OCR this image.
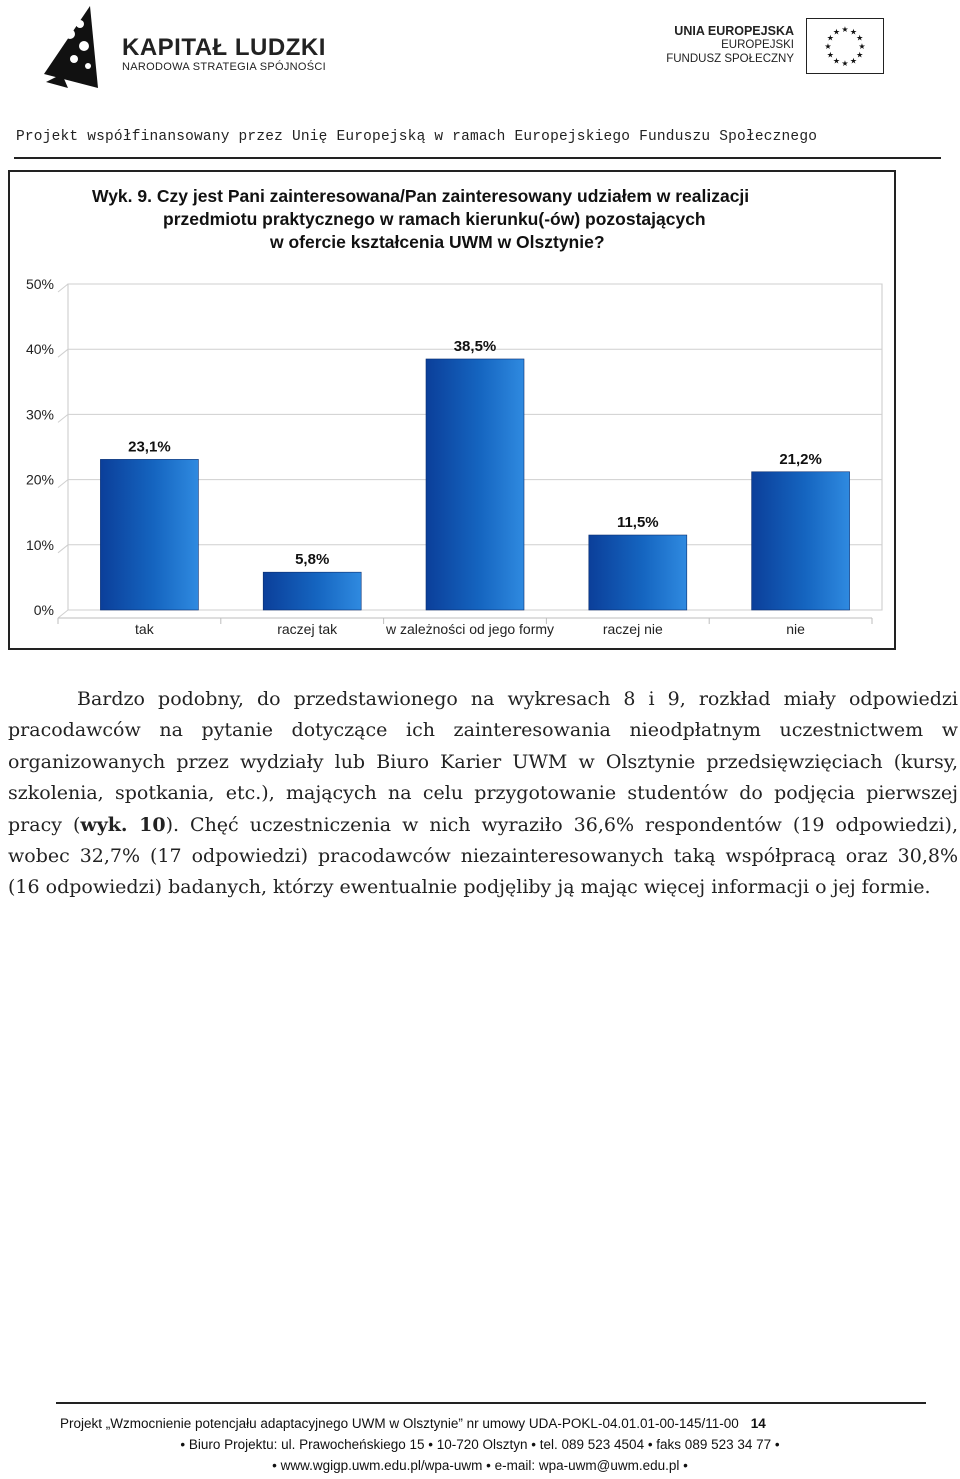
KAPITAŁ LUDZKI
NARODOWA STRATEGIA SPÓJNOŚCI
UNIA EUROPEJSKA
EUROPEJSKI
FUNDUSZ SPOŁECZNY
★ ★
★
★
★
★
★
★
★
★
★
★
Projekt współfinansowany przez Unię Europejską w ramach Europejskiego Funduszu Społecznego
Wyk. 9. Czy jest Pani zainteresowana/Pan zainteresowany udziałem w realizacji
przedmiotu praktycznego w ramach kierunku(-ów) pozostających
w ofercie kształcenia UWM w Olsztynie?
0%
10%
20%
30%
40%
50%
23,1%
tak
5,8%
raczej tak
38,5%
w zależności od jego formy
11,5%
raczej nie
21,2%
nie
Bardzo podobny, do przedstawionego na wykresach 8 i 9, rozkład miały odpowiedzi pracodawców na pytanie dotyczące ich zainteresowania nieodpłatnym uczestnictwem w organizowanych przez wydziały lub Biuro Karier UWM w Olsztynie przedsięwzięciach (kursy, szkolenia, spotkania, etc.), mających na celu przygotowanie studentów do podjęcia pierwszej pracy (wyk. 10). Chęć uczestniczenia w nich wyraziło 36,6% respondentów (19 odpowiedzi), wobec 32,7% (17 odpowiedzi) pracodawców niezainteresowanych taką współpracą oraz 30,8% (16 odpowiedzi) badanych, którzy ewentualnie podjęliby ją mając więcej informacji o jej formie.
Projekt „Wzmocnienie potencjału adaptacyjnego UWM w Olsztynie” nr umowy UDA-POKL-04.01.01-00-145/11-00 14
• Biuro Projektu: ul. Prawocheńskiego 15 • 10-720 Olsztyn • tel. 089 523 4504 • faks 089 523 34 77 •
• www.wgigp.uwm.edu.pl/wpa-uwm • e-mail: wpa-uwm@uwm.edu.pl •
